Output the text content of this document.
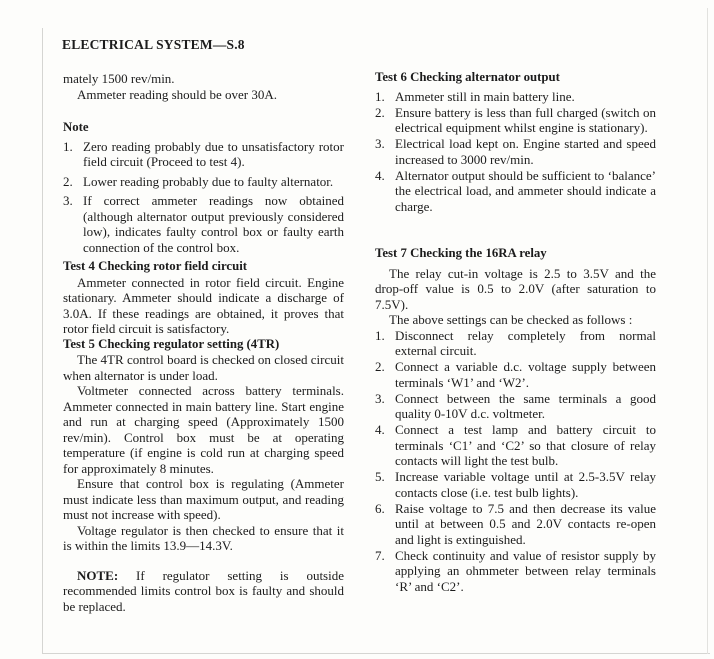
ELECTRICAL SYSTEM—S.8

mately 1500 rev/min.

Ammeter reading should be over 30A.

Note
1. Zero reading probably due to unsatisfactory rotor field circuit (Proceed to test 4).
2. Lower reading probably due to faulty alternator.
3. If correct ammeter readings now obtained (although alternator output previously considered low), indicates faulty control box or faulty earth connection of the control box.
Test 4 Checking rotor field circuit

Ammeter connected in rotor field circuit. Engine stationary. Ammeter should indicate a discharge of 3.0A. If these readings are obtained, it proves that rotor field circuit is satisfactory.

Test 5 Checking regulator setting (4TR)

The 4TR control board is checked on closed circuit when alternator is under load.

Voltmeter connected across battery terminals. Ammeter connected in main battery line. Start engine and run at charging speed (Approximately 1500 rev/min). Control box must be at operating temperature (if engine is cold run at charging speed for approximately 8 minutes.

Ensure that control box is regulating (Ammeter must indicate less than maximum output, and reading must not increase with speed).

Voltage regulator is then checked to ensure that it is within the limits 13.9—14.3V.

NOTE: If regulator setting is outside recommended limits control box is faulty and should be replaced.

Test 6 Checking alternator output
1. Ammeter still in main battery line.
2. Ensure battery is less than full charged (switch on electrical equipment whilst engine is stationary).
3. Electrical load kept on. Engine started and speed increased to 3000 rev/min.
4. Alternator output should be sufficient to ‘balance’ the electrical load, and ammeter should indicate a charge.
Test 7 Checking the 16RA relay

The relay cut-in voltage is 2.5 to 3.5V and the drop-off value is 0.5 to 2.0V (after saturation to 7.5V).

The above settings can be checked as follows :

1. Disconnect relay completely from normal external circuit.
2. Connect a variable d.c. voltage supply between terminals ‘W1’ and ‘W2’.
3. Connect between the same terminals a good quality 0-10V d.c. voltmeter.
4. Connect a test lamp and battery circuit to terminals ‘C1’ and ‘C2’ so that closure of relay contacts will light the test bulb.
5. Increase variable voltage until at 2.5-3.5V relay contacts close (i.e. test bulb lights).
6. Raise voltage to 7.5 and then decrease its value until at between 0.5 and 2.0V contacts re-open and light is extinguished.
7. Check continuity and value of resistor supply by applying an ohmmeter between relay terminals ‘R’ and ‘C2’.
